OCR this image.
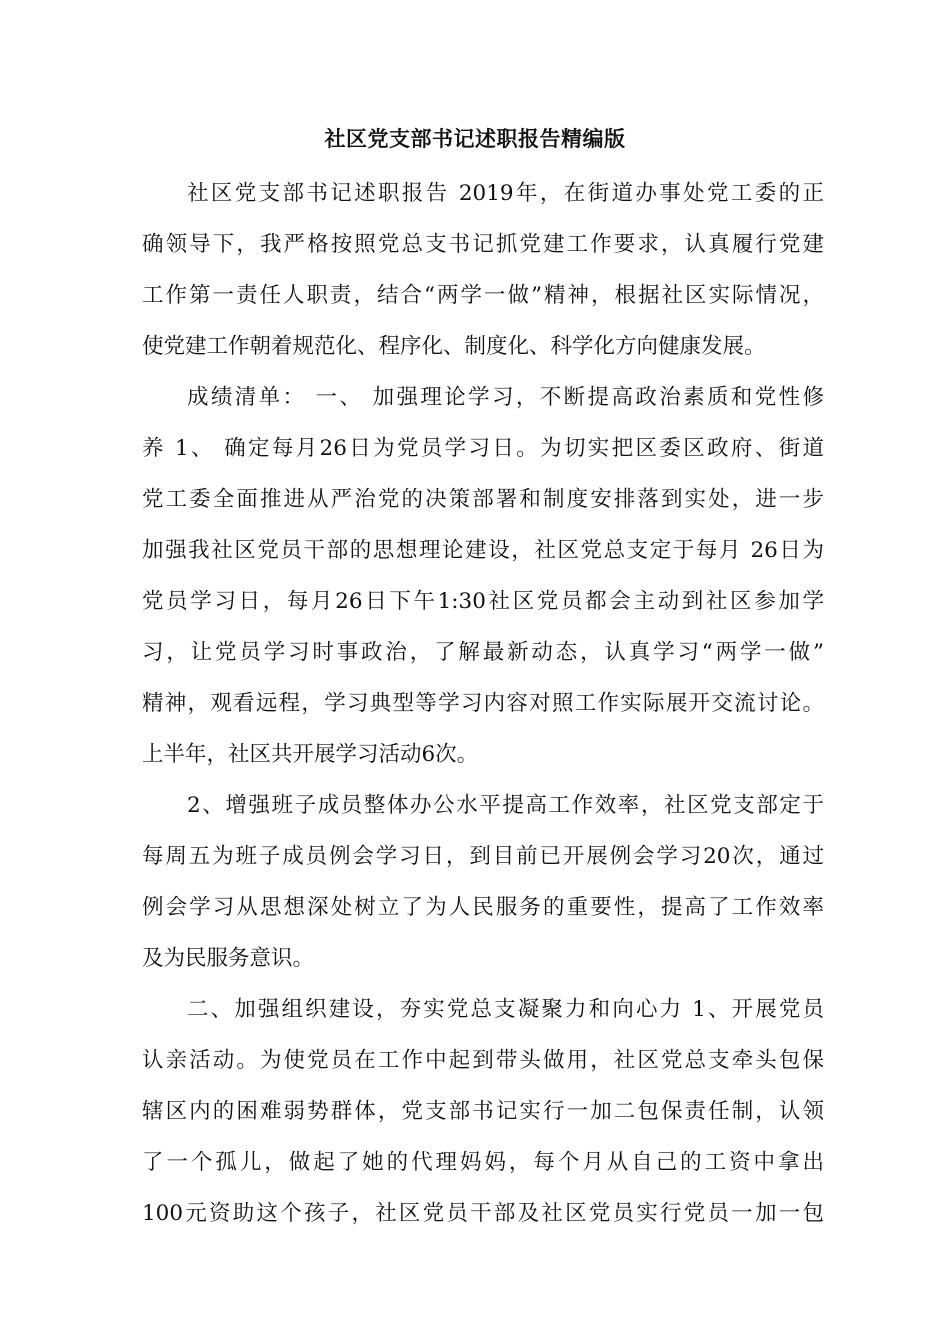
社区党支部书记述职报告精编版
社区党支部书记述职报告 2019年，在街道办事处党工委的正
确领导下，我严格按照党总支书记抓党建工作要求，认真履行党建
工作第一责任人职责，结合“两学一做”精神，根据社区实际情况，
使党建工作朝着规范化、程序化、制度化、科学化方向健康发展。
成绩清单： 一、 加强理论学习，不断提高政治素质和党性修
养 1、 确定每月26日为党员学习日。为切实把区委区政府、街道
党工委全面推进从严治党的决策部署和制度安排落到实处，进一步
加强我社区党员干部的思想理论建设，社区党总支定于每月 26日为
党员学习日，每月26日下午1:30社区党员都会主动到社区参加学
习，让党员学习时事政治，了解最新动态，认真学习“两学一做”
精神，观看远程，学习典型等学习内容对照工作实际展开交流讨论。
上半年，社区共开展学习活动6次。
2、增强班子成员整体办公水平提高工作效率，社区党支部定于
每周五为班子成员例会学习日，到目前已开展例会学习20次，通过
例会学习从思想深处树立了为人民服务的重要性，提高了工作效率
及为民服务意识。
二、加强组织建设，夯实党总支凝聚力和向心力 1、开展党员
认亲活动。为使党员在工作中起到带头做用，社区党总支牵头包保
辖区内的困难弱势群体，党支部书记实行一加二包保责任制，认领
了一个孤儿，做起了她的代理妈妈，每个月从自己的工资中拿出
100元资助这个孩子，社区党员干部及社区党员实行党员一加一包
